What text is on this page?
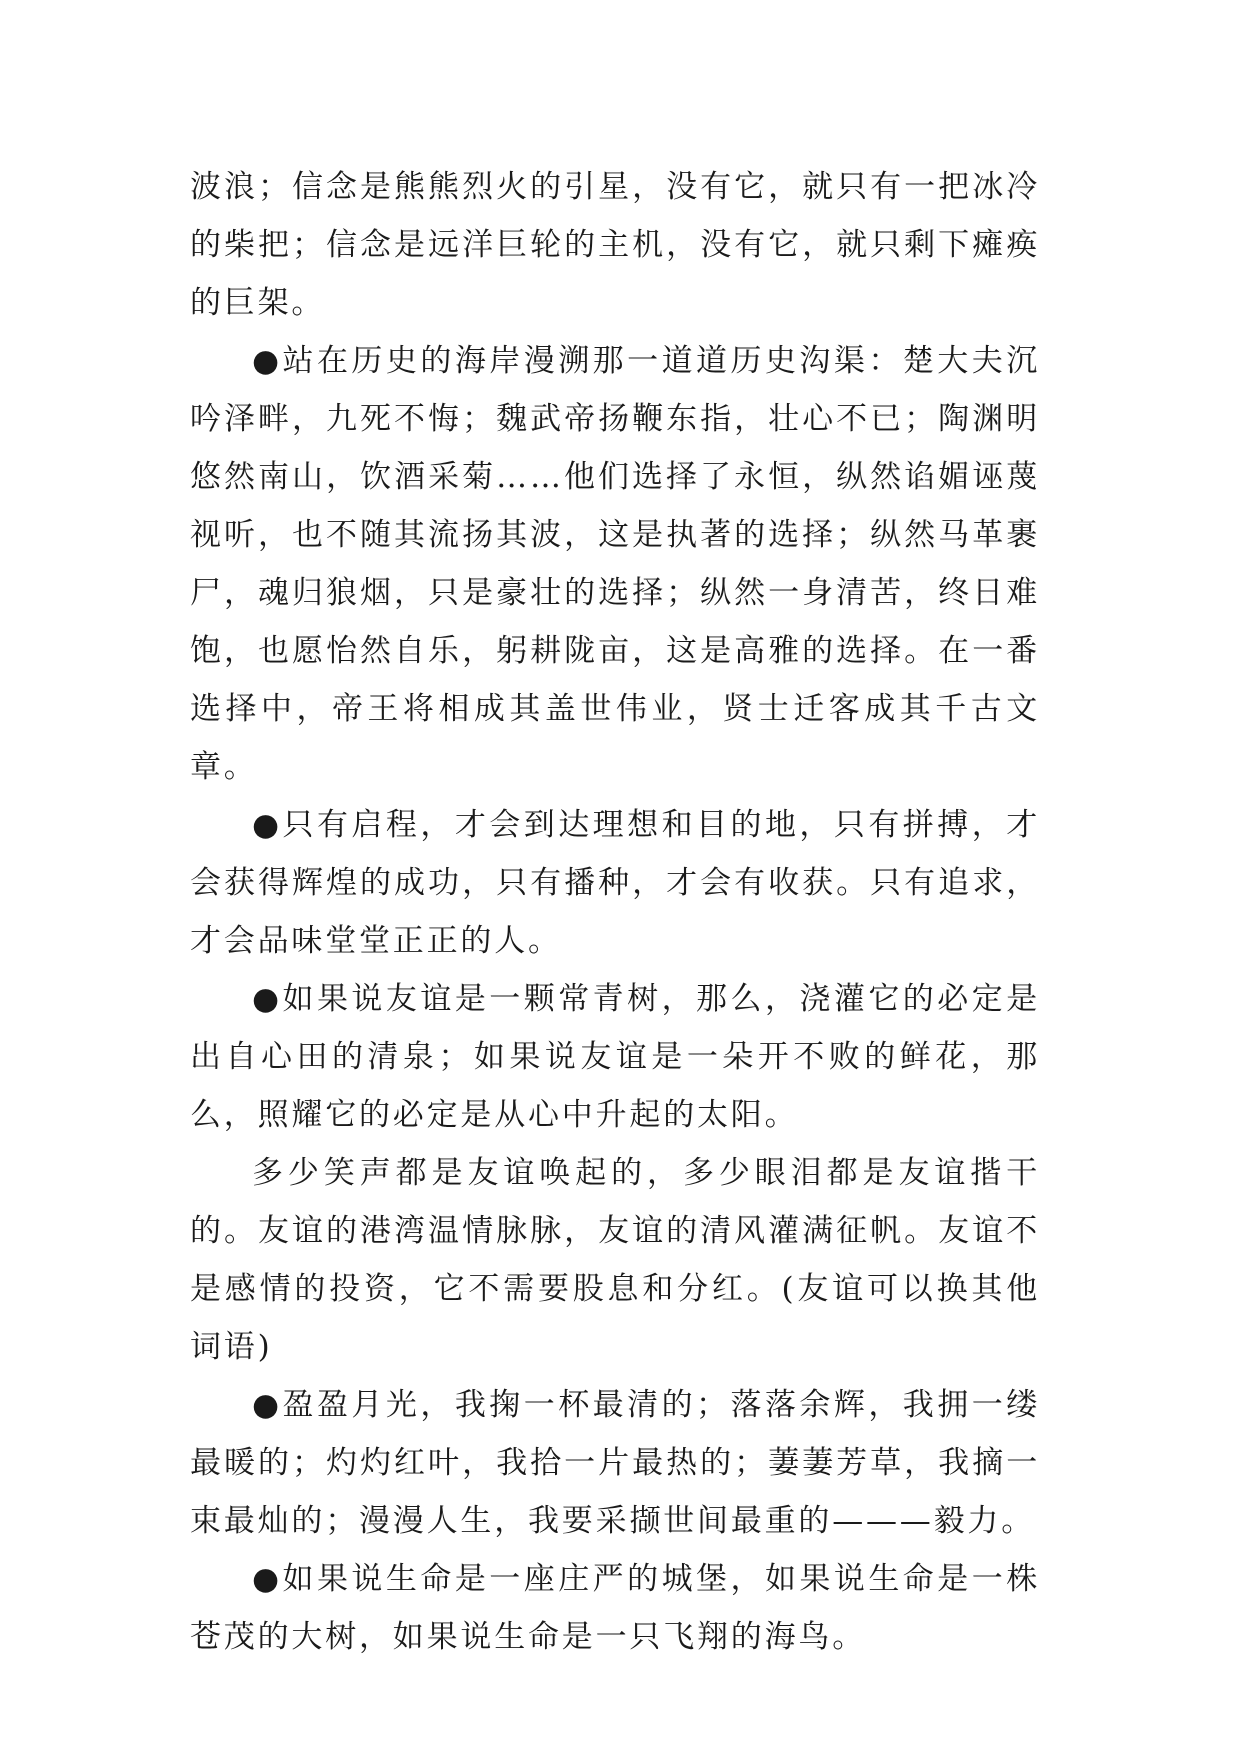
波浪；信念是熊熊烈火的引星，没有它，就只有一把冰冷的柴把；信念是远洋巨轮的主机，没有它，就只剩下瘫痪的巨架。

●站在历史的海岸漫溯那一道道历史沟渠：楚大夫沉吟泽畔，九死不悔；魏武帝扬鞭东指，壮心不已；陶渊明悠然南山，饮酒采菊……他们选择了永恒，纵然谄媚诬蔑视听，也不随其流扬其波，这是执著的选择；纵然马革裹尸，魂归狼烟，只是豪壮的选择；纵然一身清苦，终日难饱，也愿怡然自乐，躬耕陇亩，这是高雅的选择。在一番选择中，帝王将相成其盖世伟业，贤士迁客成其千古文章。

●只有启程，才会到达理想和目的地，只有拼搏，才会获得辉煌的成功，只有播种，才会有收获。只有追求，才会品味堂堂正正的人。

●如果说友谊是一颗常青树，那么，浇灌它的必定是出自心田的清泉；如果说友谊是一朵开不败的鲜花，那么，照耀它的必定是从心中升起的太阳。

多少笑声都是友谊唤起的，多少眼泪都是友谊揩干的。友谊的港湾温情脉脉，友谊的清风灌满征帆。友谊不是感情的投资，它不需要股息和分红。(友谊可以换其他词语)

●盈盈月光，我掬一杯最清的；落落余辉，我拥一缕最暖的；灼灼红叶，我拾一片最热的；萋萋芳草，我摘一束最灿的；漫漫人生，我要采撷世间最重的———毅力。

●如果说生命是一座庄严的城堡，如果说生命是一株苍茂的大树，如果说生命是一只飞翔的海鸟。
